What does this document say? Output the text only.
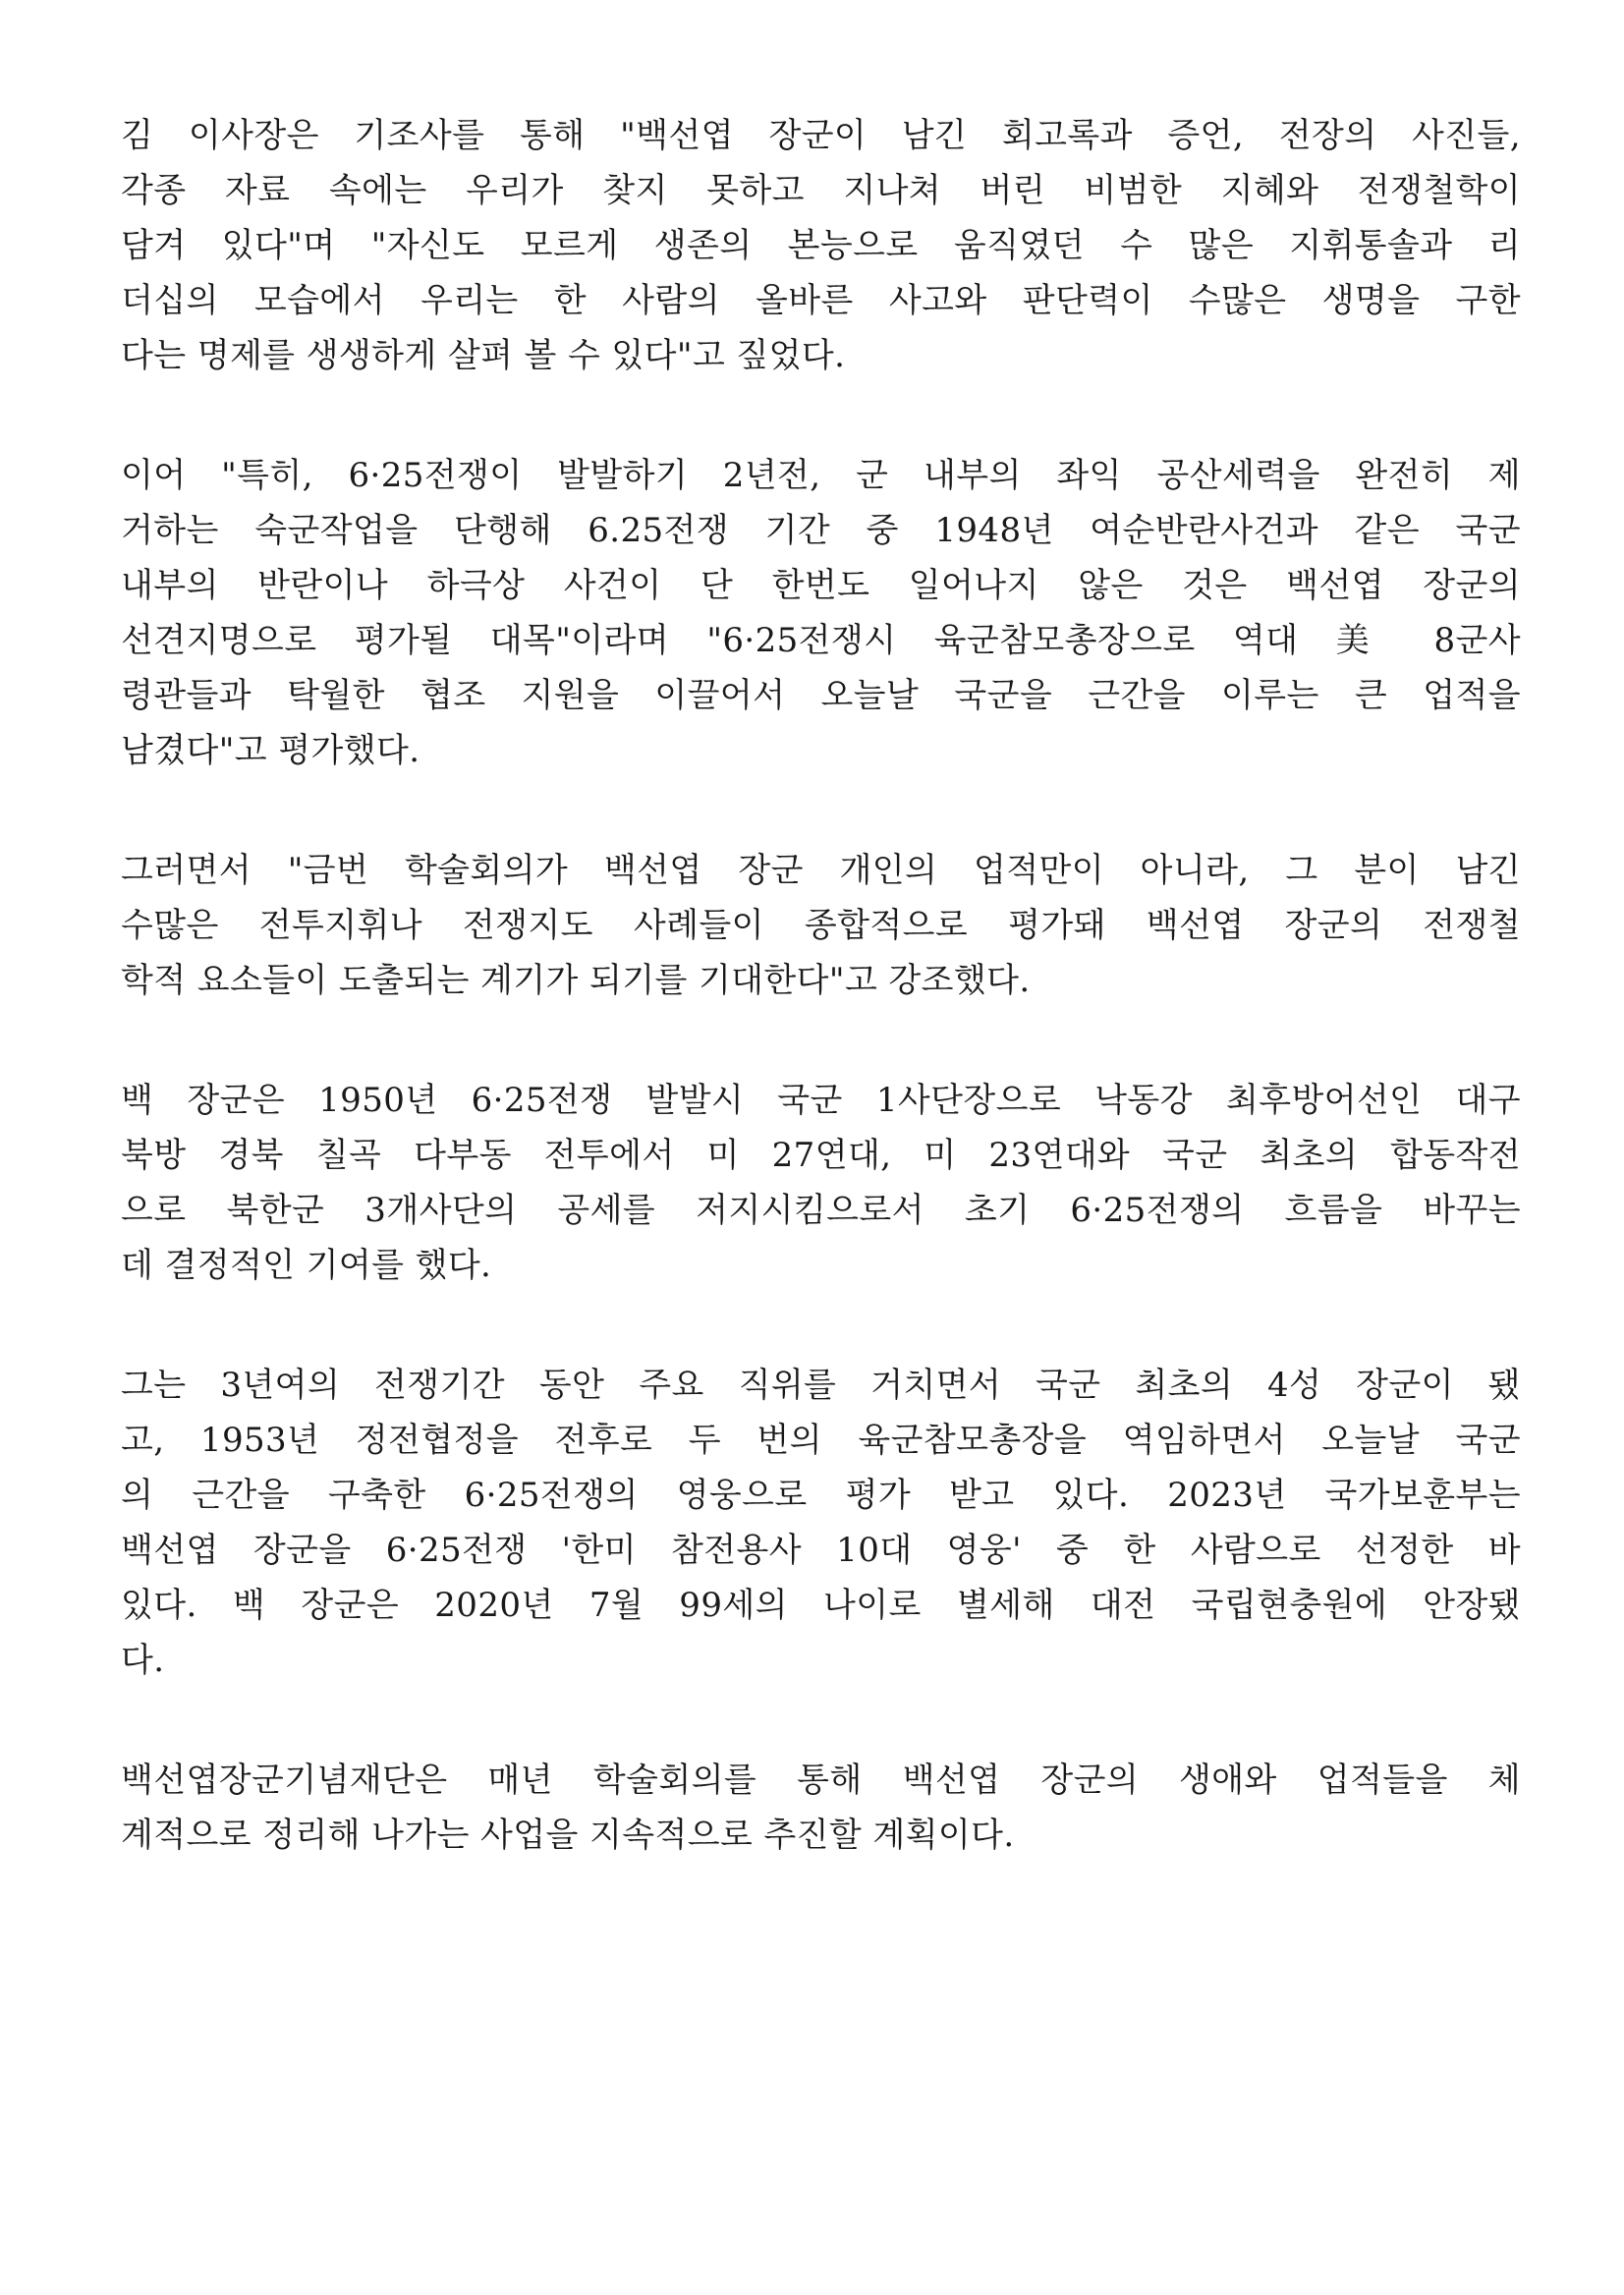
김 이사장은 기조사를 통해 "백선엽 장군이 남긴 회고록과 증언, 전장의 사진들,
각종 자료 속에는 우리가 찾지 못하고 지나쳐 버린 비범한 지혜와 전쟁철학이
담겨 있다"며 "자신도 모르게 생존의 본능으로 움직였던 수 많은 지휘통솔과 리
더십의 모습에서 우리는 한 사람의 올바른 사고와 판단력이 수많은 생명을 구한
다는 명제를 생생하게 살펴 볼 수 있다"고 짚었다.
이어 "특히, 6·25전쟁이 발발하기 2년전, 군 내부의 좌익 공산세력을 완전히 제
거하는 숙군작업을 단행해 6.25전쟁 기간 중 1948년 여순반란사건과 같은 국군
내부의 반란이나 하극상 사건이 단 한번도 일어나지 않은 것은 백선엽 장군의
선견지명으로 평가될 대목"이라며 "6·25전쟁시 육군참모총장으로 역대 美 8군사
령관들과 탁월한 협조 지원을 이끌어서 오늘날 국군을 근간을 이루는 큰 업적을
남겼다"고 평가했다.
그러면서 "금번 학술회의가 백선엽 장군 개인의 업적만이 아니라, 그 분이 남긴
수많은 전투지휘나 전쟁지도 사례들이 종합적으로 평가돼 백선엽 장군의 전쟁철
학적 요소들이 도출되는 계기가 되기를 기대한다"고 강조했다.
백 장군은 1950년 6·25전쟁 발발시 국군 1사단장으로 낙동강 최후방어선인 대구
북방 경북 칠곡 다부동 전투에서 미 27연대, 미 23연대와 국군 최초의 합동작전
으로 북한군 3개사단의 공세를 저지시킴으로서 초기 6·25전쟁의 흐름을 바꾸는
데 결정적인 기여를 했다.
그는 3년여의 전쟁기간 동안 주요 직위를 거치면서 국군 최초의 4성 장군이 됐
고, 1953년 정전협정을 전후로 두 번의 육군참모총장을 역임하면서 오늘날 국군
의 근간을 구축한 6·25전쟁의 영웅으로 평가 받고 있다. 2023년 국가보훈부는
백선엽 장군을 6·25전쟁 '한미 참전용사 10대 영웅' 중 한 사람으로 선정한 바
있다. 백 장군은 2020년 7월 99세의 나이로 별세해 대전 국립현충원에 안장됐
다.
백선엽장군기념재단은 매년 학술회의를 통해 백선엽 장군의 생애와 업적들을 체
계적으로 정리해 나가는 사업을 지속적으로 추진할 계획이다.
